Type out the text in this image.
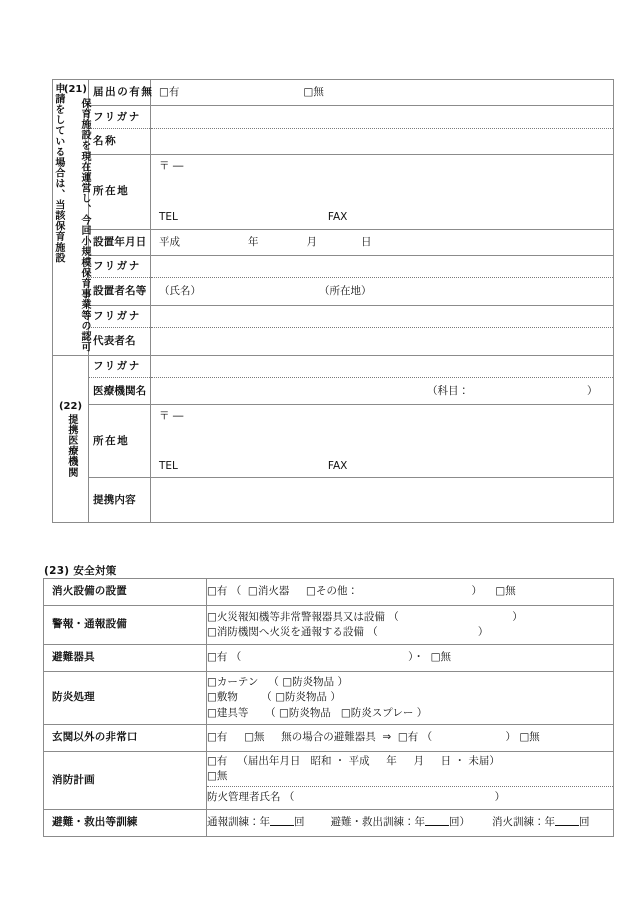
申請をしている場合は、当該保育施設 (21)
保育施設を現在運営し、今回小規模保育事業等の認可	届出の有無	□有 □無

	フリガナ	

	名称	

	所在地	〒 ―
TEL FAX

	設置年月日	平成 年 月 日

	フリガナ	

	設置者名等	（氏名） （所在地）

	フリガナ	

	代表者名	

(22)
提携医療機関	フリガナ	

	医療機関名	（科目： ）

	所在地	〒 ―
TEL FAX

	提携内容	

(23) 安全対策
消火設備の設置	□有 （  □消火器     □その他：                                  ）    □無

警報・通報設備	□火災報知機等非常警報器具又は設備 （                                  ）
□消防機関へ火災を通報する設備 （                              ）

避難器具	□有 （                                                  ）・  □無

防炎処理	□カーテン   （ □防炎物品 ）
□敷物       （ □防炎物品 ）
□建具等     （ □防炎物品   □防炎スプレー ）

玄関以外の非常口	□有     □無     無の場合の避難器具  ⇒  □有 （                      ） □無

消防計画	□有   （届出年月日   昭和 ・ 平成     年     月     日 ・ 未届）
□無

	防火管理者氏名 （                                                            ）

避難・救出等訓練	通報訓練：年 回 避難・救出訓練：年 回） 消火訓練：年 回
